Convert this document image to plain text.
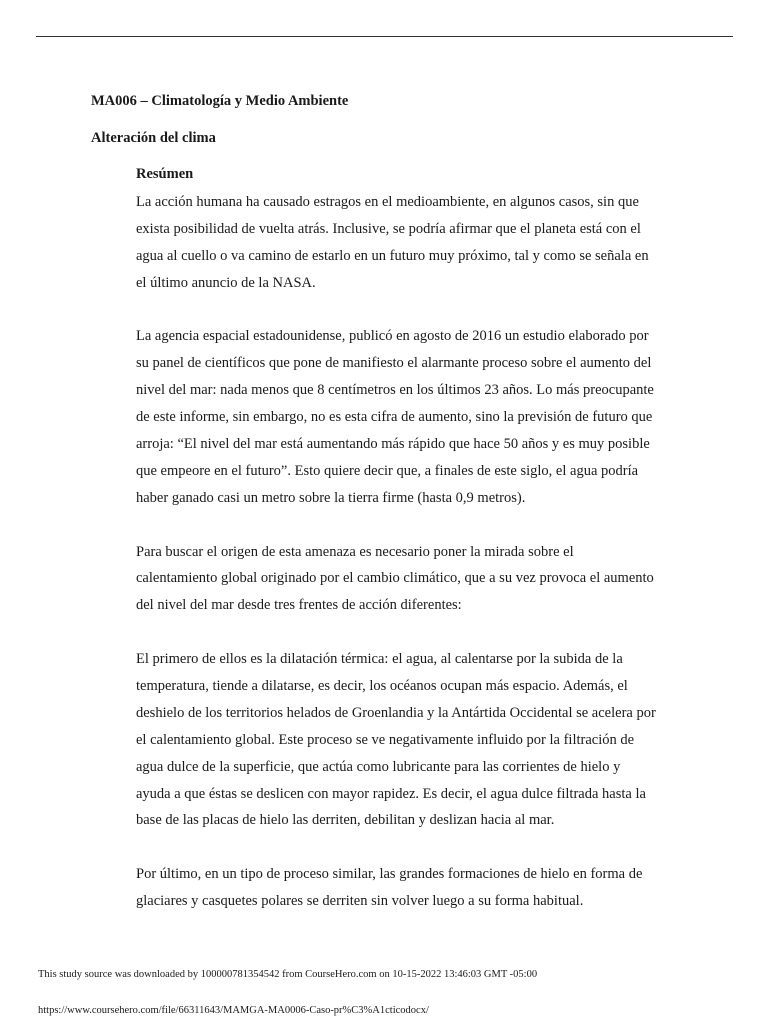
MA006 – Climatología y Medio Ambiente
Alteración del clima
Resúmen
La acción humana ha causado estragos en el medioambiente, en algunos casos, sin que
exista posibilidad de vuelta atrás. Inclusive, se podría afirmar que el planeta está con el
agua al cuello o va camino de estarlo en un futuro muy próximo, tal y como se señala en
el último anuncio de la NASA.
La agencia espacial estadounidense, publicó en agosto de 2016 un estudio elaborado por
su panel de científicos que pone de manifiesto el alarmante proceso sobre el aumento del
nivel del mar: nada menos que 8 centímetros en los últimos 23 años. Lo más preocupante
de este informe, sin embargo, no es esta cifra de aumento, sino la previsión de futuro que
arroja: “El nivel del mar está aumentando más rápido que hace 50 años y es muy posible
que empeore en el futuro”. Esto quiere decir que, a finales de este siglo, el agua podría
haber ganado casi un metro sobre la tierra firme (hasta 0,9 metros).
Para buscar el origen de esta amenaza es necesario poner la mirada sobre el
calentamiento global originado por el cambio climático, que a su vez provoca el aumento
del nivel del mar desde tres frentes de acción diferentes:
El primero de ellos es la dilatación térmica: el agua, al calentarse por la subida de la
temperatura, tiende a dilatarse, es decir, los océanos ocupan más espacio. Además, el
deshielo de los territorios helados de Groenlandia y la Antártida Occidental se acelera por
el calentamiento global. Este proceso se ve negativamente influido por la filtración de
agua dulce de la superficie, que actúa como lubricante para las corrientes de hielo y
ayuda a que éstas se deslicen con mayor rapidez. Es decir, el agua dulce filtrada hasta la
base de las placas de hielo las derriten, debilitan y deslizan hacia al mar.
Por último, en un tipo de proceso similar, las grandes formaciones de hielo en forma de
glaciares y casquetes polares se derriten sin volver luego a su forma habitual.
This study source was downloaded by 100000781354542 from CourseHero.com on 10-15-2022 13:46:03 GMT -05:00
https://www.coursehero.com/file/66311643/MAMGA-MA0006-Caso-pr%C3%A1cticodocx/
